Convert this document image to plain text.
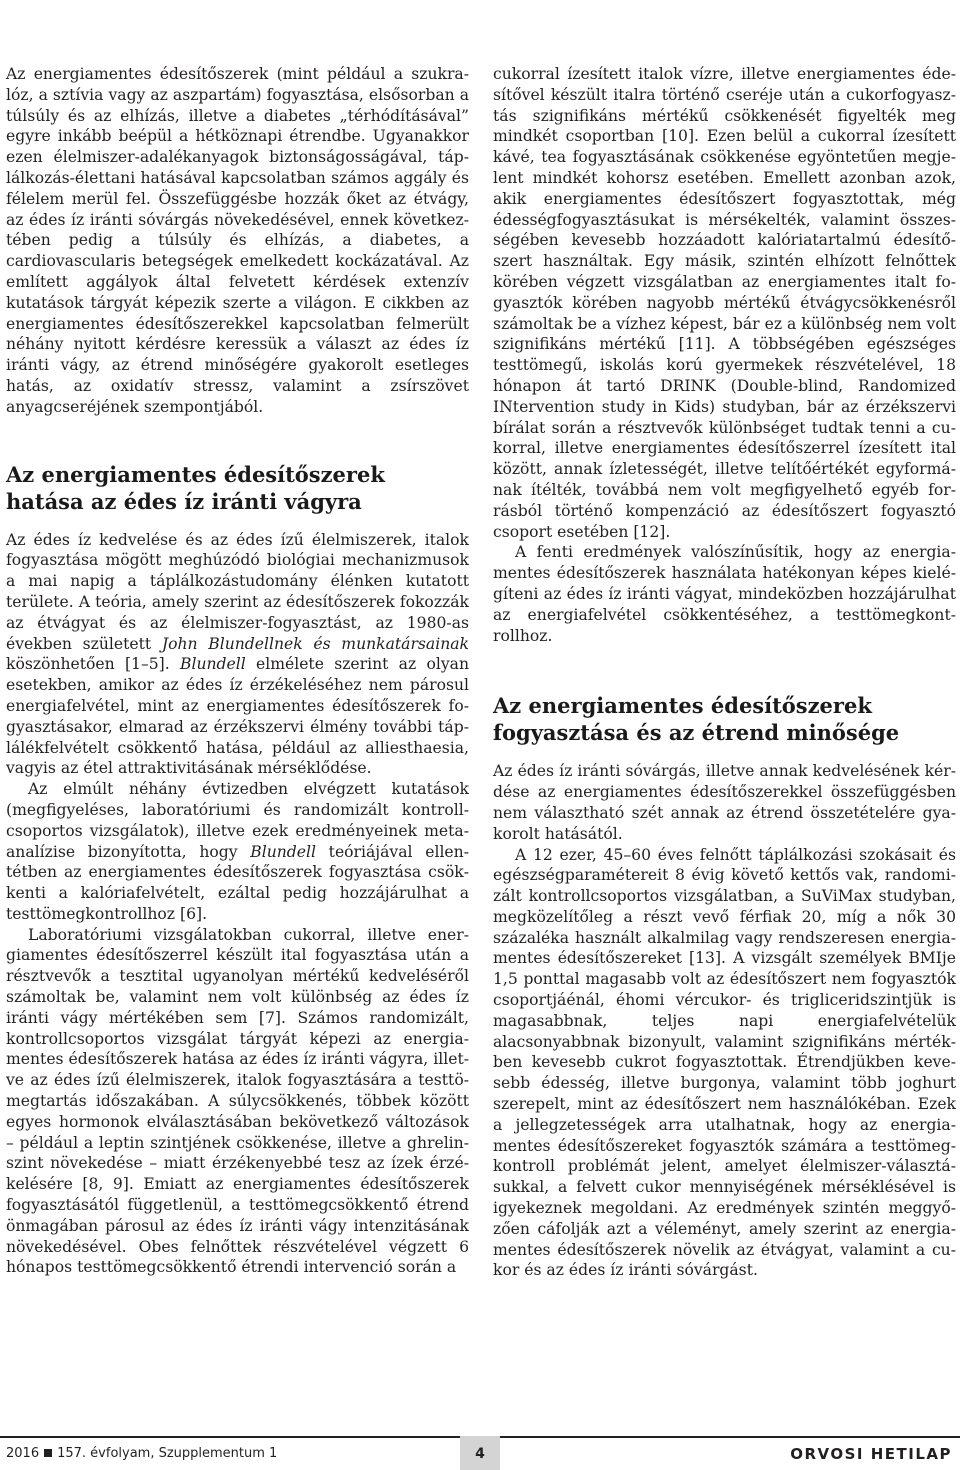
Az energiamentes édesítőszerek (mint például a szukralóz, a sztívia vagy az aszpartám) fogyasztása, elsősorban a túlsúly és az elhízás, illetve a diabetes „térhódításával” egyre inkább beépül a hétköznapi étrendbe. Ugyanakkor ezen élelmiszer-adalékanyagok biztonságosságával, táplálkozás-élettani hatásával kapcsolatban számos aggály és félelem merül fel. Összefüggésbe hozzák őket az étvágy, az édes íz iránti sóvárgás növekedésével, ennek következtében pedig a túlsúly és elhízás, a diabetes, a cardiovascularis betegségek emelkedett kockázatával. Az említett aggályok által felvetett kérdések extenzív kutatások tárgyát képezik szerte a világon. E cikkben az energiamentes édesítőszerekkel kapcsolatban felmerült néhány nyitott kérdésre keressük a választ az édes íz iránti vágy, az étrend minőségére gyakorolt esetleges hatás, az oxidatív stressz, valamint a zsírszövet anyagcseréjének szempontjából.

Az energiamentes édesítőszerek hatása az édes íz iránti vágyra

Az édes íz kedvelése és az édes ízű élelmiszerek, italok fogyasztása mögött meghúzódó biológiai mechanizmusok a mai napig a táplálkozástudomány élénken kutatott területe. A teória, amely szerint az édesítőszerek fokozzák az étvágyat és az élelmiszer-fogyasztást, az 1980-as években született John Blundellnek és munkatársainak köszönhetően [1–5]. Blundell elmélete szerint az olyan esetekben, amikor az édes íz érzékeléséhez nem párosul energiafelvétel, mint az energiamentes édesítőszerek fogyasztásakor, elmarad az érzékszervi élmény további táplálékfelvételt csökkentő hatása, például az alliesthaesia, vagyis az étel attraktivitásának mérséklődése.

Az elmúlt néhány évtizedben elvégzett kutatások (megfigyeléses, laboratóriumi és randomizált kontrollcsoportos vizsgálatok), illetve ezek eredményeinek metaanalízise bizonyította, hogy Blundell teóriájával ellentétben az energiamentes édesítőszerek fogyasztása csökkenti a kalóriafelvételt, ezáltal pedig hozzájárulhat a testtömegkontrollhoz [6].

Laboratóriumi vizsgálatokban cukorral, illetve energiamentes édesítőszerrel készült ital fogyasztása után a résztvevők a tesztital ugyanolyan mértékű kedveléséről számoltak be, valamint nem volt különbség az édes íz iránti vágy mértékében sem [7]. Számos randomizált, kontrollcsoportos vizsgálat tárgyát képezi az energiamentes édesítőszerek hatása az édes íz iránti vágyra, illetve az édes ízű élelmiszerek, italok fogyasztására a testtömegtartás időszakában. A súlycsökkenés, többek között egyes hormonok elválasztásában bekövetkező változások – például a leptin szintjének csökkenése, illetve a ghrelinszint növekedése – miatt érzékenyebbé tesz az ízek érzékelésére [8, 9]. Emiatt az energiamentes édesítőszerek fogyasztásától függetlenül, a testtömegcsökkentő étrend önmagában párosul az édes íz iránti vágy intenzitásának növekedésével. Obes felnőttek részvételével végzett 6 hónapos testtömegcsökkentő étrendi intervenció során a

cukorral ízesített italok vízre, illetve energiamentes édesítővel készült italra történő cseréje után a cukorfogyasztás szignifikáns mértékű csökkenését figyelték meg mindkét csoportban [10]. Ezen belül a cukorral ízesített kávé, tea fogyasztásának csökkenése egyöntetűen megjelent mindkét kohorsz esetében. Emellett azonban azok, akik energiamentes édesítőszert fogyasztottak, még édességfogyasztásukat is mérsékelték, valamint összességében kevesebb hozzáadott kalóriatartalmú édesítőszert használtak. Egy másik, szintén elhízott felnőttek körében végzett vizsgálatban az energiamentes italt fogyasztók körében nagyobb mértékű étvágycsökkenésről számoltak be a vízhez képest, bár ez a különbség nem volt szignifikáns mértékű [11]. A többségében egészséges testtömegű, iskolás korú gyermekek részvételével, 18 hónapon át tartó DRINK (Double-blind, Randomized INtervention study in Kids) studyban, bár az érzékszervi bírálat során a résztvevők különbséget tudtak tenni a cukorral, illetve energiamentes édesítőszerrel ízesített ital között, annak ízletességét, illetve telítőértékét egyformának ítélték, továbbá nem volt megfigyelhető egyéb forrásból történő kompenzáció az édesítőszert fogyasztó csoport esetében [12].

A fenti eredmények valószínűsítik, hogy az energiamentes édesítőszerek használata hatékonyan képes kielégíteni az édes íz iránti vágyat, mindeközben hozzájárulhat az energiafelvétel csökkentéséhez, a testtömegkontrollhoz.

Az energiamentes édesítőszerek fogyasztása és az étrend minősége

Az édes íz iránti sóvárgás, illetve annak kedvelésének kérdése az energiamentes édesítőszerekkel összefüggésben nem választható szét annak az étrend összetételére gyakorolt hatásától.

A 12 ezer, 45–60 éves felnőtt táplálkozási szokásait és egészségparamétereit 8 évig követő kettős vak, randomizált kontrollcsoportos vizsgálatban, a SuViMax studyban, megközelítőleg a részt vevő férfiak 20, míg a nők 30 százaléka használt alkalmilag vagy rendszeresen energiamentes édesítőszereket [13]. A vizsgált személyek BMIje 1,5 ponttal magasabb volt az édesítőszert nem fogyasztók csoportjáénál, éhomi vércukor- és trigliceridszintjük is magasabbnak, teljes napi energiafelvételük alacsonyabbnak bizonyult, valamint szignifikáns mértékben kevesebb cukrot fogyasztottak. Étrendjükben kevesebb édesség, illetve burgonya, valamint több joghurt szerepelt, mint az édesítőszert nem használókéban. Ezek a jellegzetességek arra utalhatnak, hogy az energiamentes édesítőszereket fogyasztók számára a testtömegkontroll problémát jelent, amelyet élelmiszer-választásukkal, a felvett cukor mennyiségének mérséklésével is igyekeznek megoldani. Az eredmények szintén meggyőzően cáfolják azt a véleményt, amely szerint az energiamentes édesítőszerek növelik az étvágyat, valamint a cukor és az édes íz iránti sóvárgást.

2016 157. évfolyam, Szupplementum 1	4	ORVOSI HETILAP
